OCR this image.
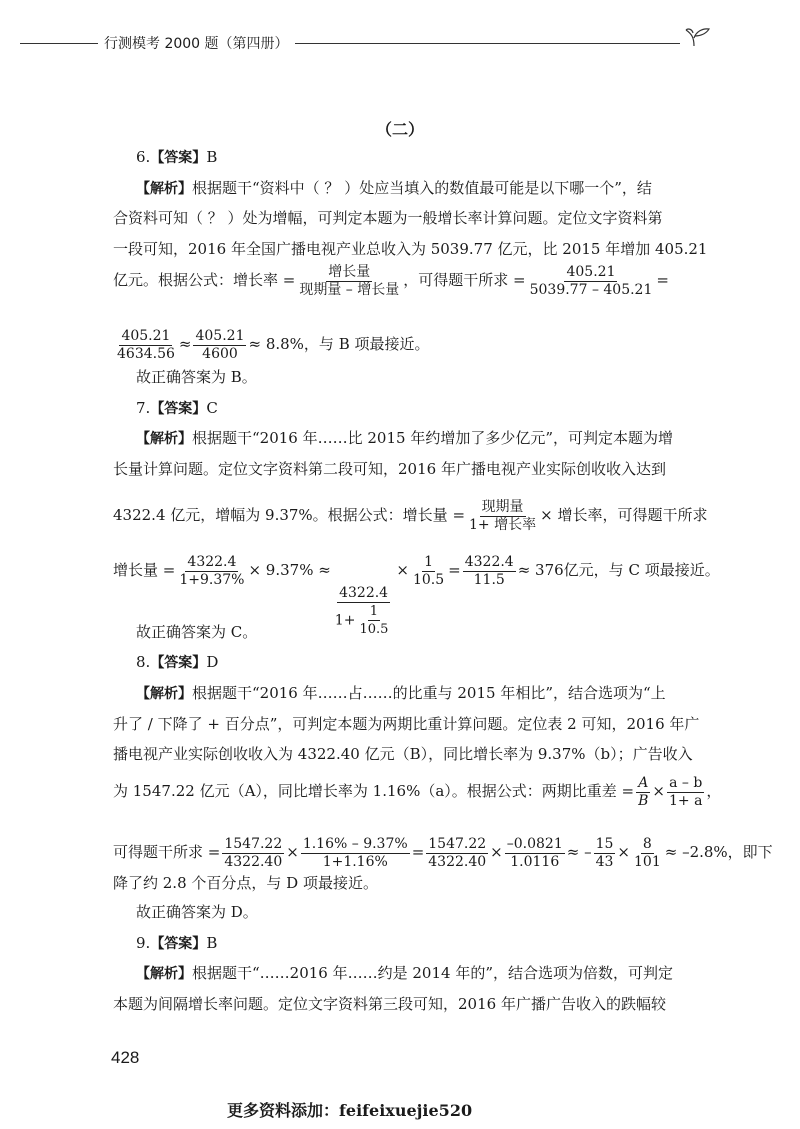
行测模考 2000 题（第四册）
（二）
6.【答案】B
【解析】根据题干“资料中（ ？ ）处应当填入的数值最可能是以下哪一个”，结
合资料可知（ ？ ）处为增幅，可判定本题为一般增长率计算问题。定位文字资料第
一段可知，2016 年全国广播电视产业总收入为 5039.77 亿元，比 2015 年增加 405.21
亿元。根据公式：增长率 = $\frac{\text{增长量}}{\text{现期量 – 增长量}}$ ，可得题干所求 = $\frac{405.21}{5039.77 - 405.21}$ =
$\frac{405.21}{4634.56} \approx \frac{405.21}{4600} \approx 8.8\%$，与 B 项最接近。
故正确答案为 B。
7.【答案】C
【解析】根据题干“2016 年……比 2015 年约增加了多少亿元”，可判定本题为增
长量计算问题。定位文字资料第二段可知，2016 年广播电视产业实际创收收入达到
4322.4 亿元，增幅为 9.37%。根据公式：增长量 = $\frac{\text{现期量}}{\text{1+ 增长率}}$ × 增长率，可得题干所求
增长量 = $\frac{4322.4}{1+9.37\%} \times 9.37\%$ ≈
$\frac{4322.4}{1+ \frac{1}{10.5}}$
× $\frac{1}{10.5} = \frac{4322.4}{11.5} \approx 376$亿元，与 C 项最接近。
故正确答案为 C。
8.【答案】D
【解析】根据题干“2016 年……占……的比重与 2015 年相比”，结合选项为“上
升了 / 下降了 + 百分点”，可判定本题为两期比重计算问题。定位表 2 可知，2016 年广
播电视产业实际创收收入为 4322.40 亿元（B），同比增长率为 9.37%（b）；广告收入
为 1547.22 亿元（A），同比增长率为 1.16%（a）。根据公式：两期比重差 = $\frac{A}{B} \times \frac{a - b}{1+ a}$ ，
可得题干所求 = $\frac{1547.22}{4322.40} \times \frac{1.16\% - 9.37\%}{1+1.16\%} = \frac{1547.22}{4322.40} \times \frac{-0.0821}{1.0116}$ ≈ – $\frac{15}{43} \times \frac{8}{101} \approx -2.8\%$，即下
降了约 2.8 个百分点，与 D 项最接近。
故正确答案为 D。
9.【答案】B
【解析】根据题干“……2016 年……约是 2014 年的”，结合选项为倍数，可判定
本题为间隔增长率问题。定位文字资料第三段可知，2016 年广播广告收入的跌幅较
428
更多资料添加：feifeixuejie520
